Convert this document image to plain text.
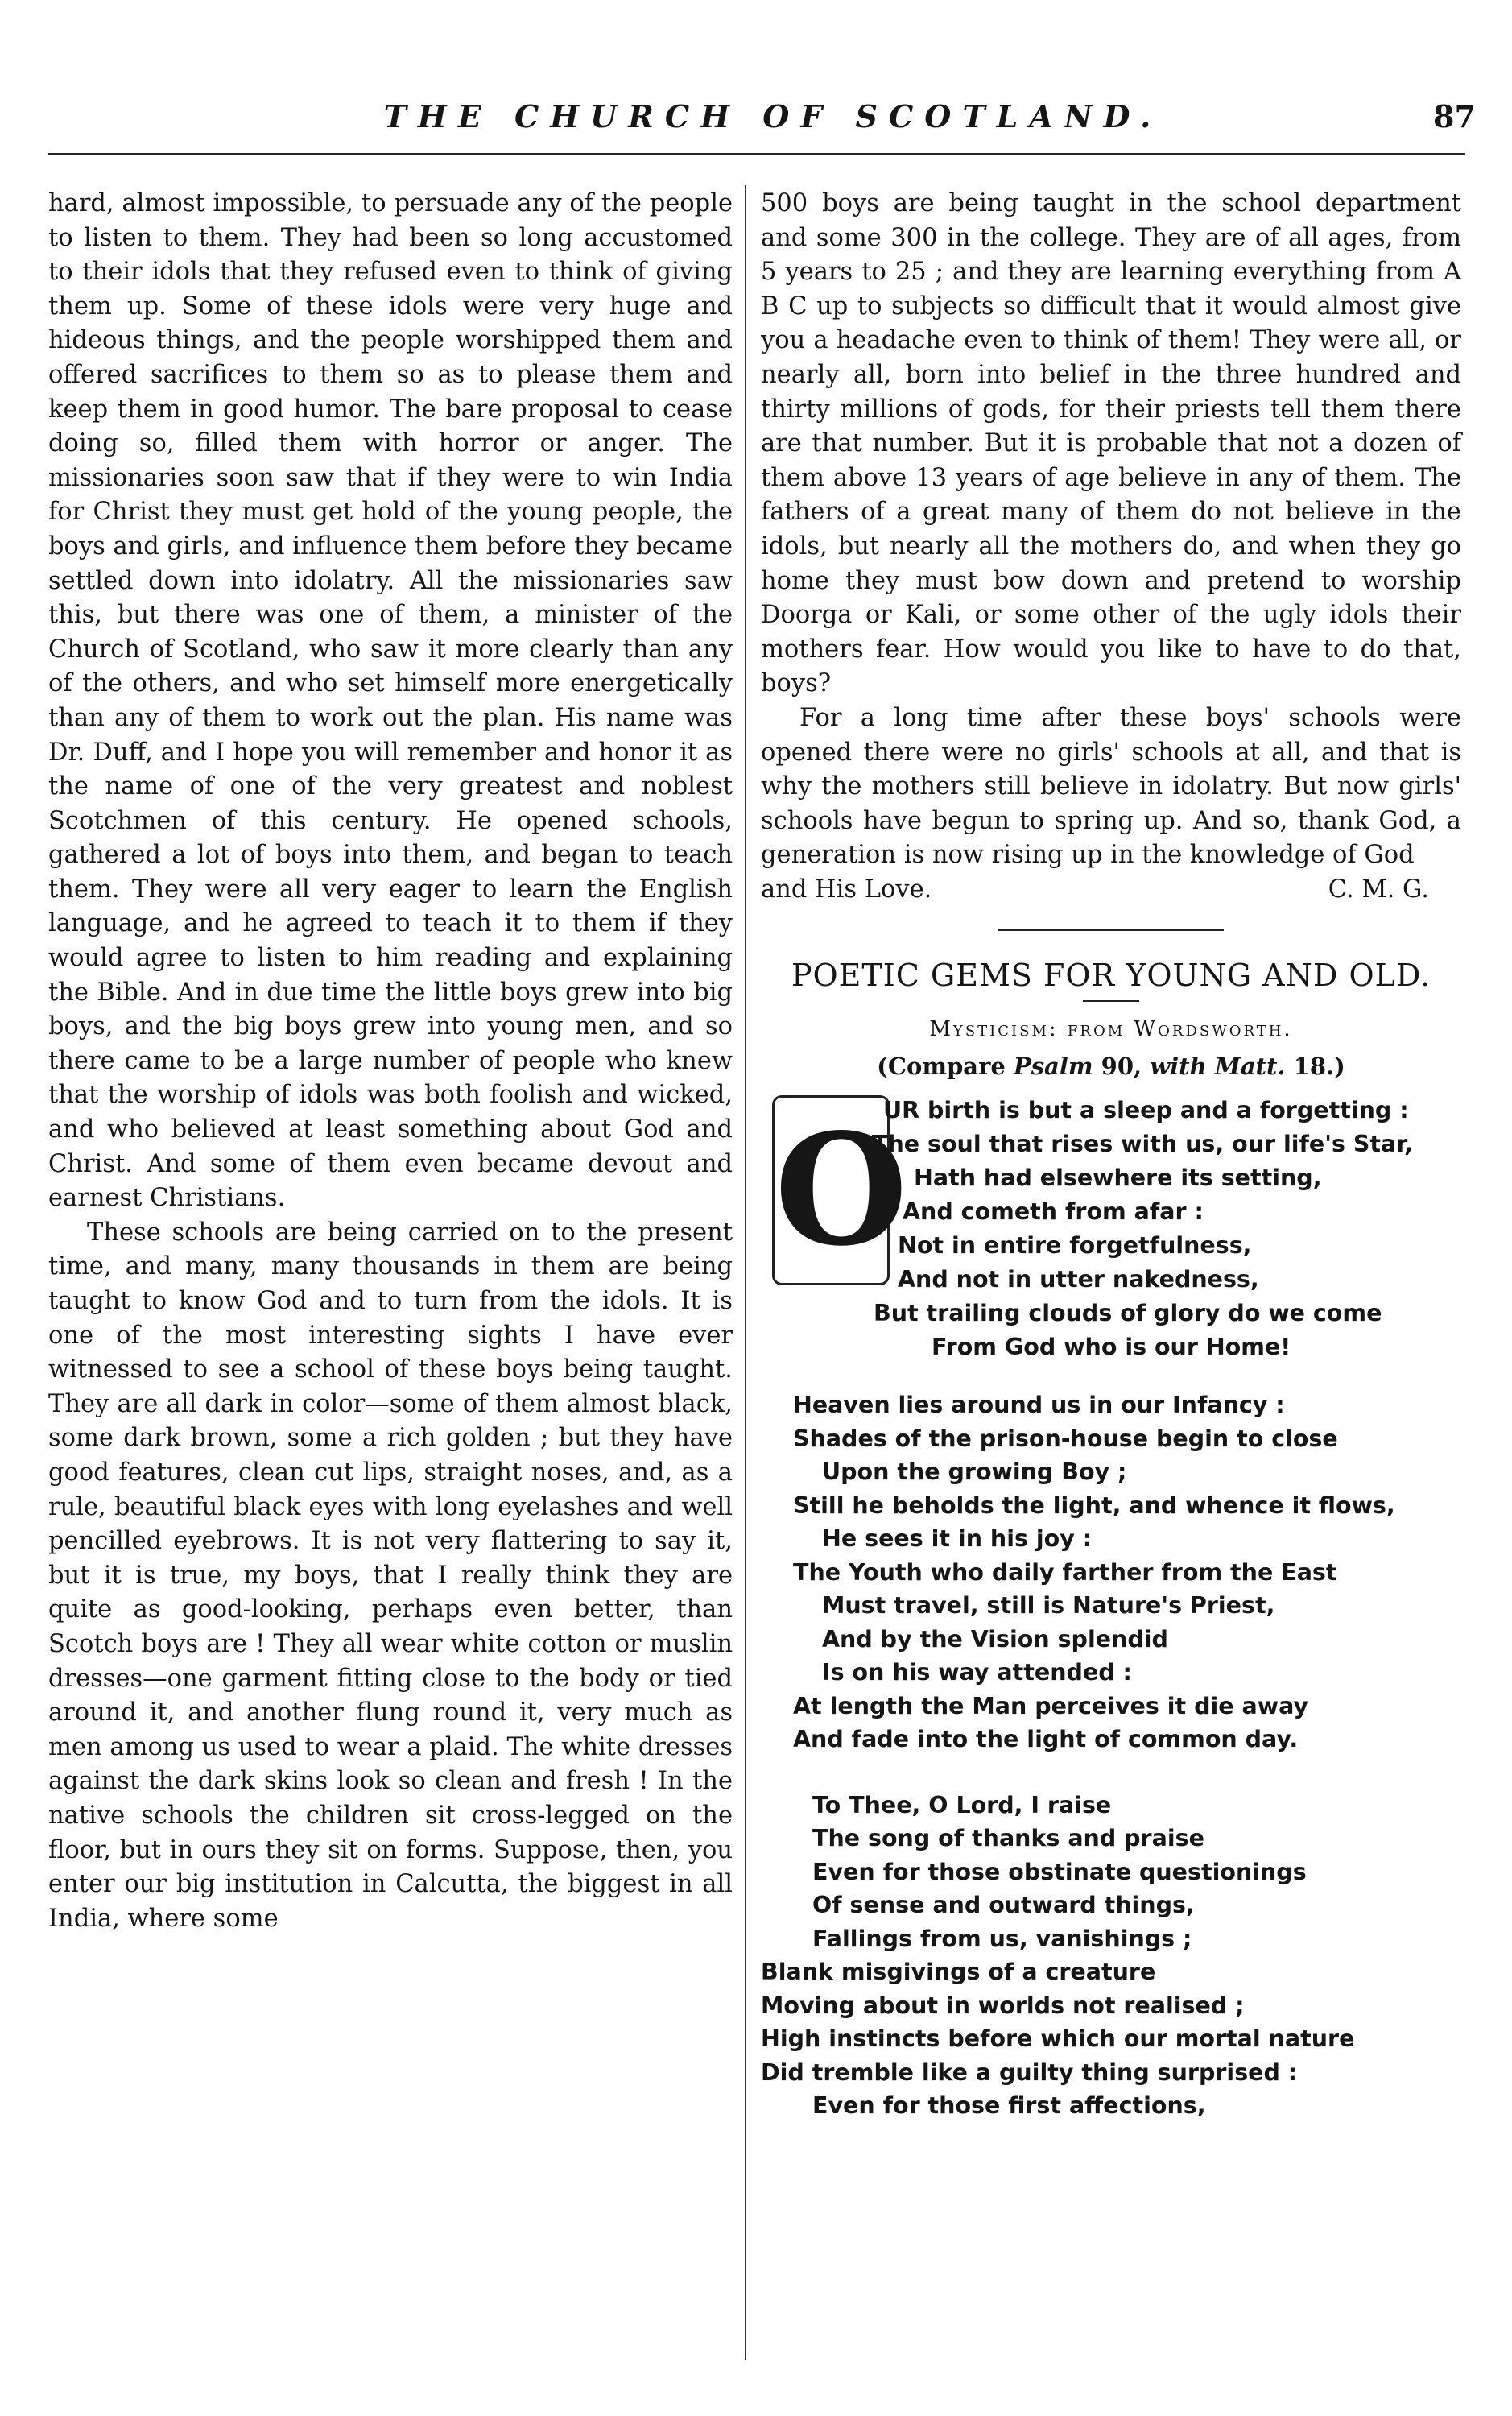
THE CHURCH OF SCOTLAND.	87

hard, almost impossible, to persuade any of the people to listen to them. They had been so long accustomed to their idols that they refused even to think of giving them up. Some of these idols were very huge and hideous things, and the people worshipped them and offered sacrifices to them so as to please them and keep them in good humor. The bare proposal to cease doing so, filled them with horror or anger. The missionaries soon saw that if they were to win India for Christ they must get hold of the young people, the boys and girls, and influence them before they became settled down into idolatry. All the missionaries saw this, but there was one of them, a minister of the Church of Scotland, who saw it more clearly than any of the others, and who set himself more energetically than any of them to work out the plan. His name was Dr. Duff, and I hope you will remember and honor it as the name of one of the very greatest and noblest Scotchmen of this century. He opened schools, gathered a lot of boys into them, and began to teach them. They were all very eager to learn the English language, and he agreed to teach it to them if they would agree to listen to him reading and explaining the Bible. And in due time the little boys grew into big boys, and the big boys grew into young men, and so there came to be a large number of people who knew that the worship of idols was both foolish and wicked, and who believed at least something about God and Christ. And some of them even became devout and earnest Christians.

These schools are being carried on to the present time, and many, many thousands in them are being taught to know God and to turn from the idols. It is one of the most interesting sights I have ever witnessed to see a school of these boys being taught. They are all dark in color—some of them almost black, some dark brown, some a rich golden ; but they have good features, clean cut lips, straight noses, and, as a rule, beautiful black eyes with long eyelashes and well pencilled eyebrows. It is not very flattering to say it, but it is true, my boys, that I really think they are quite as good-looking, perhaps even better, than Scotch boys are ! They all wear white cotton or muslin dresses—one garment fitting close to the body or tied around it, and another flung round it, very much as men among us used to wear a plaid. The white dresses against the dark skins look so clean and fresh ! In the native schools the children sit cross-legged on the floor, but in ours they sit on forms. Suppose, then, you enter our big institution in Calcutta, the biggest in all India, where some

500 boys are being taught in the school department and some 300 in the college. They are of all ages, from 5 years to 25 ; and they are learning everything from A B C up to subjects so difficult that it would almost give you a headache even to think of them! They were all, or nearly all, born into belief in the three hundred and thirty millions of gods, for their priests tell them there are that number. But it is probable that not a dozen of them above 13 years of age believe in any of them. The fathers of a great many of them do not believe in the idols, but nearly all the mothers do, and when they go home they must bow down and pretend to worship Doorga or Kali, or some other of the ugly idols their mothers fear. How would you like to have to do that, boys?

For a long time after these boys' schools were opened there were no girls' schools at all, and that is why the mothers still believe in idolatry. But now girls' schools have begun to spring up. And so, thank God, a generation is now rising up in the knowledge of God

and His Love.	C. M. G.
POETIC GEMS FOR YOUNG AND OLD.
Mysticism: from Wordsworth.
(Compare Psalm 90, with Matt. 18.)
O
UR birth is but a sleep and a forgetting :
The soul that rises with us, our life's Star,
Hath had elsewhere its setting,
And cometh from afar :
Not in entire forgetfulness,
And not in utter nakedness,
But trailing clouds of glory do we come
From God who is our Home!
Heaven lies around us in our Infancy :
Shades of the prison-house begin to close
Upon the growing Boy ;
Still he beholds the light, and whence it flows,
He sees it in his joy :
The Youth who daily farther from the East
Must travel, still is Nature's Priest,
And by the Vision splendid
Is on his way attended :
At length the Man perceives it die away
And fade into the light of common day.
To Thee, O Lord, I raise
The song of thanks and praise
Even for those obstinate questionings
Of sense and outward things,
Fallings from us, vanishings ;
Blank misgivings of a creature
Moving about in worlds not realised ;
High instincts before which our mortal nature
Did tremble like a guilty thing surprised :
Even for those first affections,
